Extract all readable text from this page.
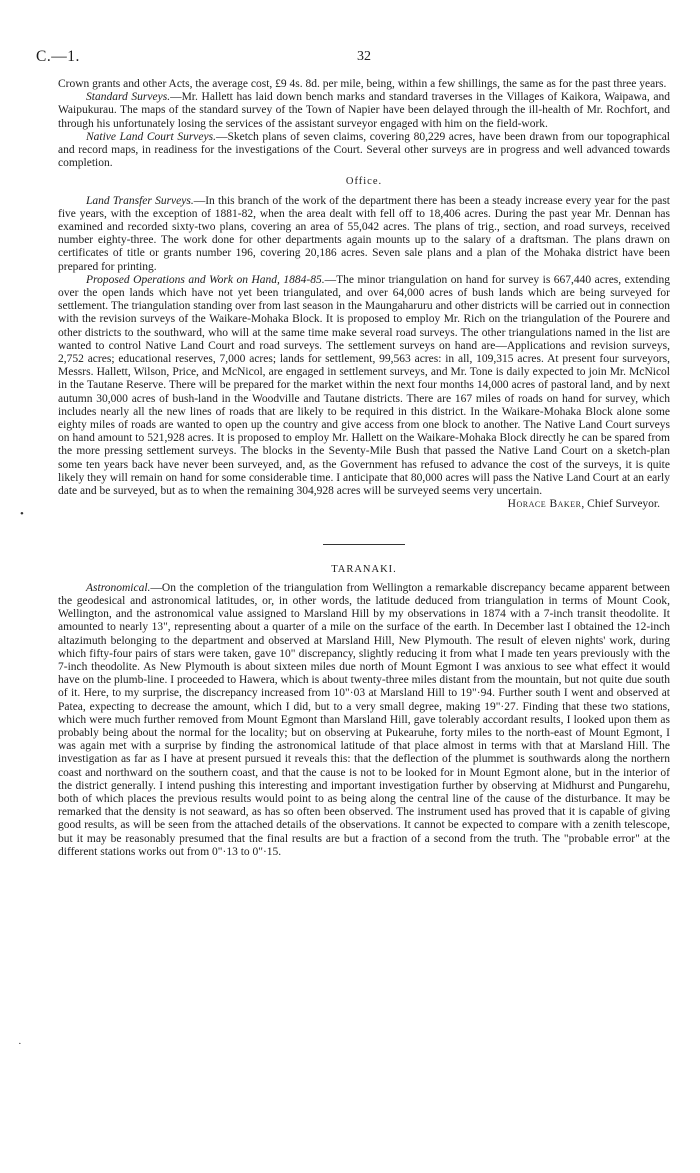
C.—1.	32

Crown grants and other Acts, the average cost, £9 4s. 8d. per mile, being, within a few shillings, the same as for the past three years.

Standard Surveys.—Mr. Hallett has laid down bench marks and standard traverses in the Villages of Kaikora, Waipawa, and Waipukurau. The maps of the standard survey of the Town of Napier have been delayed through the ill-health of Mr. Rochfort, and through his unfortunately losing the services of the assistant surveyor engaged with him on the field-work.

Native Land Court Surveys.—Sketch plans of seven claims, covering 80,229 acres, have been drawn from our topographical and record maps, in readiness for the investigations of the Court. Several other surveys are in progress and well advanced towards completion.

Office.

Land Transfer Surveys.—In this branch of the work of the department there has been a steady increase every year for the past five years, with the exception of 1881-82, when the area dealt with fell off to 18,406 acres. During the past year Mr. Dennan has examined and recorded sixty-two plans, covering an area of 55,042 acres. The plans of trig., section, and road surveys, received number eighty-three. The work done for other departments again mounts up to the salary of a draftsman. The plans drawn on certificates of title or grants number 196, covering 20,186 acres. Seven sale plans and a plan of the Mohaka district have been prepared for printing.

Proposed Operations and Work on Hand, 1884-85.—The minor triangulation on hand for survey is 667,440 acres, extending over the open lands which have not yet been triangulated, and over 64,000 acres of bush lands which are being surveyed for settlement. The triangulation standing over from last season in the Maungaharuru and other districts will be carried out in connection with the revision surveys of the Waikare-Mohaka Block. It is proposed to employ Mr. Rich on the triangulation of the Pourere and other districts to the southward, who will at the same time make several road surveys. The other triangulations named in the list are wanted to control Native Land Court and road surveys. The settlement surveys on hand are—Applications and revision surveys, 2,752 acres; educational reserves, 7,000 acres; lands for settlement, 99,563 acres: in all, 109,315 acres. At present four surveyors, Messrs. Hallett, Wilson, Price, and McNicol, are engaged in settlement surveys, and Mr. Tone is daily expected to join Mr. McNicol in the Tautane Reserve. There will be prepared for the market within the next four months 14,000 acres of pastoral land, and by next autumn 30,000 acres of bush-land in the Woodville and Tautane districts. There are 167 miles of roads on hand for survey, which includes nearly all the new lines of roads that are likely to be required in this district. In the Waikare-Mohaka Block alone some eighty miles of roads are wanted to open up the country and give access from one block to another. The Native Land Court surveys on hand amount to 521,928 acres. It is proposed to employ Mr. Hallett on the Waikare-Mohaka Block directly he can be spared from the more pressing settlement surveys. The blocks in the Seventy-Mile Bush that passed the Native Land Court on a sketch-plan some ten years back have never been surveyed, and, as the Government has refused to advance the cost of the surveys, it is quite likely they will remain on hand for some considerable time. I anticipate that 80,000 acres will pass the Native Land Court at an early date and be surveyed, but as to when the remaining 304,928 acres will be surveyed seems very uncertain.

Horace Baker, Chief Surveyor.
TARANAKI.

Astronomical.—On the completion of the triangulation from Wellington a remarkable discrepancy became apparent between the geodesical and astronomical latitudes, or, in other words, the latitude deduced from triangulation in terms of Mount Cook, Wellington, and the astronomical value assigned to Marsland Hill by my observations in 1874 with a 7-inch transit theodolite. It amounted to nearly 13", representing about a quarter of a mile on the surface of the earth. In December last I obtained the 12-inch altazimuth belonging to the department and observed at Marsland Hill, New Plymouth. The result of eleven nights' work, during which fifty-four pairs of stars were taken, gave 10" discrepancy, slightly reducing it from what I made ten years previously with the 7-inch theodolite. As New Plymouth is about sixteen miles due north of Mount Egmont I was anxious to see what effect it would have on the plumb-line. I proceeded to Hawera, which is about twenty-three miles distant from the mountain, but not quite due south of it. Here, to my surprise, the discrepancy increased from 10"·03 at Marsland Hill to 19"·94. Further south I went and observed at Patea, expecting to decrease the amount, which I did, but to a very small degree, making 19"·27. Finding that these two stations, which were much further removed from Mount Egmont than Marsland Hill, gave tolerably accordant results, I looked upon them as probably being about the normal for the locality; but on observing at Pukearuhe, forty miles to the north-east of Mount Egmont, I was again met with a surprise by finding the astronomical latitude of that place almost in terms with that at Marsland Hill. The investigation as far as I have at present pursued it reveals this: that the deflection of the plummet is southwards along the northern coast and northward on the southern coast, and that the cause is not to be looked for in Mount Egmont alone, but in the interior of the district generally. I intend pushing this interesting and important investigation further by observing at Midhurst and Pungarehu, both of which places the previous results would point to as being along the central line of the cause of the disturbance. It may be remarked that the density is not seaward, as has so often been observed. The instrument used has proved that it is capable of giving good results, as will be seen from the attached details of the observations. It cannot be expected to compare with a zenith telescope, but it may be reasonably presumed that the final results are but a fraction of a second from the truth. The "probable error" at the different stations works out from 0"·13 to 0"·15.

•
·
